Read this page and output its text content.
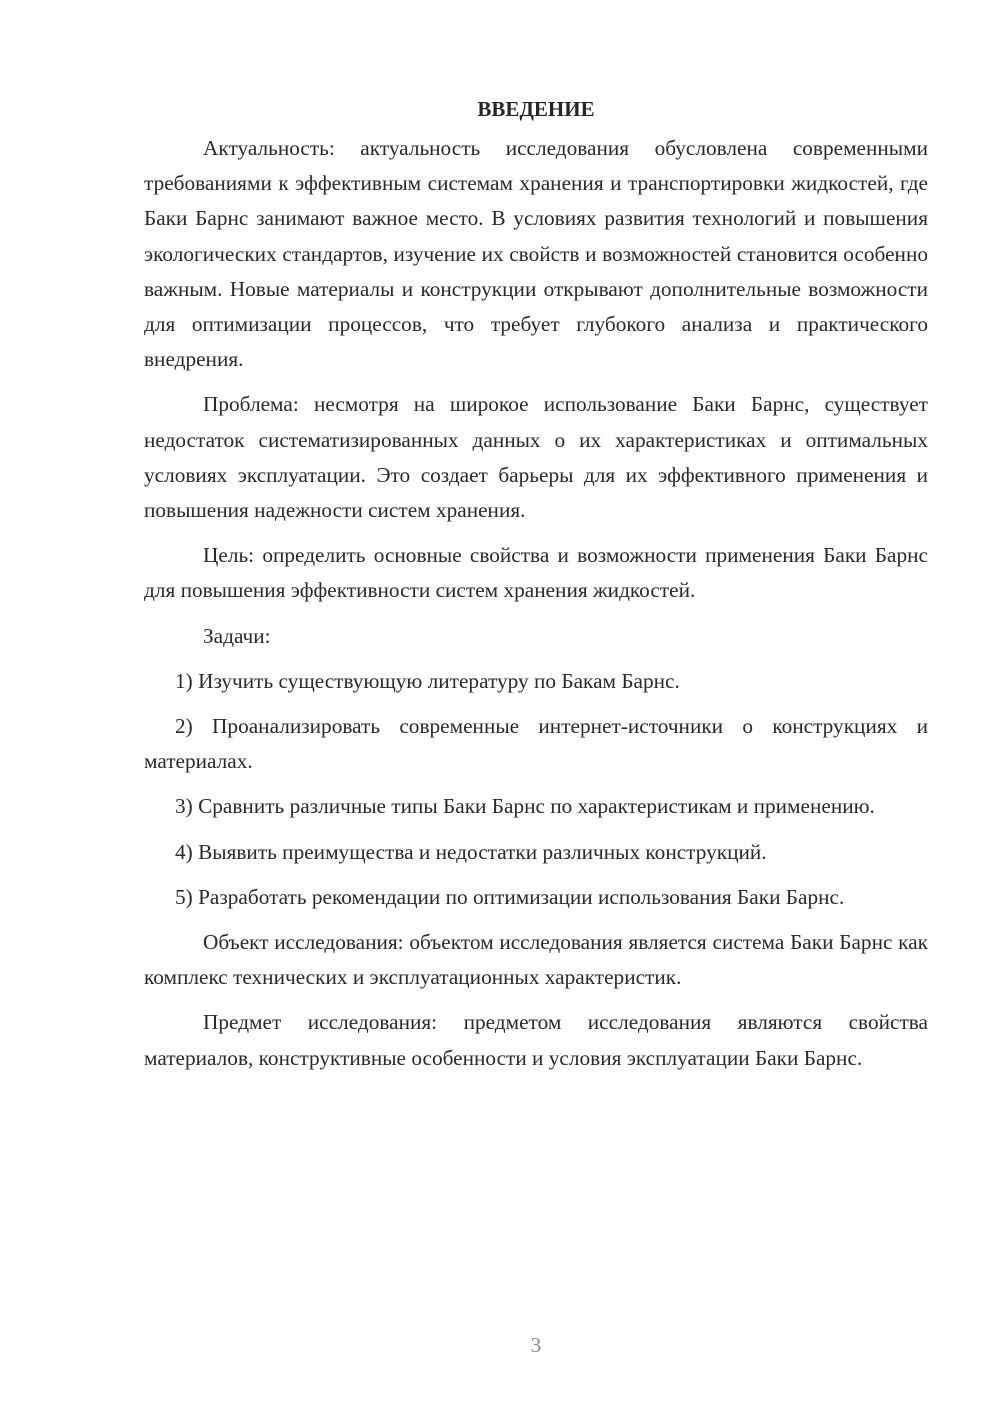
ВВЕДЕНИЕ

Актуальность: актуальность исследования обусловлена современными требованиями к эффективным системам хранения и транспортировки жидкостей, где Баки Барнс занимают важное место. В условиях развития технологий и повышения экологических стандартов, изучение их свойств и возможностей становится особенно важным. Новые материалы и конструкции открывают дополнительные возможности для оптимизации процессов, что требует глубокого анализа и практического внедрения.

Проблема: несмотря на широкое использование Баки Барнс, существует недостаток систематизированных данных о их характеристиках и оптимальных условиях эксплуатации. Это создает барьеры для их эффективного применения и повышения надежности систем хранения.

Цель: определить основные свойства и возможности применения Баки Барнс для повышения эффективности систем хранения жидкостей.

Задачи:

1) Изучить существующую литературу по Бакам Барнс.

2) Проанализировать современные интернет-источники о конструкциях и материалах.

3) Сравнить различные типы Баки Барнс по характеристикам и применению.

4) Выявить преимущества и недостатки различных конструкций.

5) Разработать рекомендации по оптимизации использования Баки Барнс.

Объект исследования: объектом исследования является система Баки Барнс как комплекс технических и эксплуатационных характеристик.

Предмет исследования: предметом исследования являются свойства материалов, конструктивные особенности и условия эксплуатации Баки Барнс.

3
